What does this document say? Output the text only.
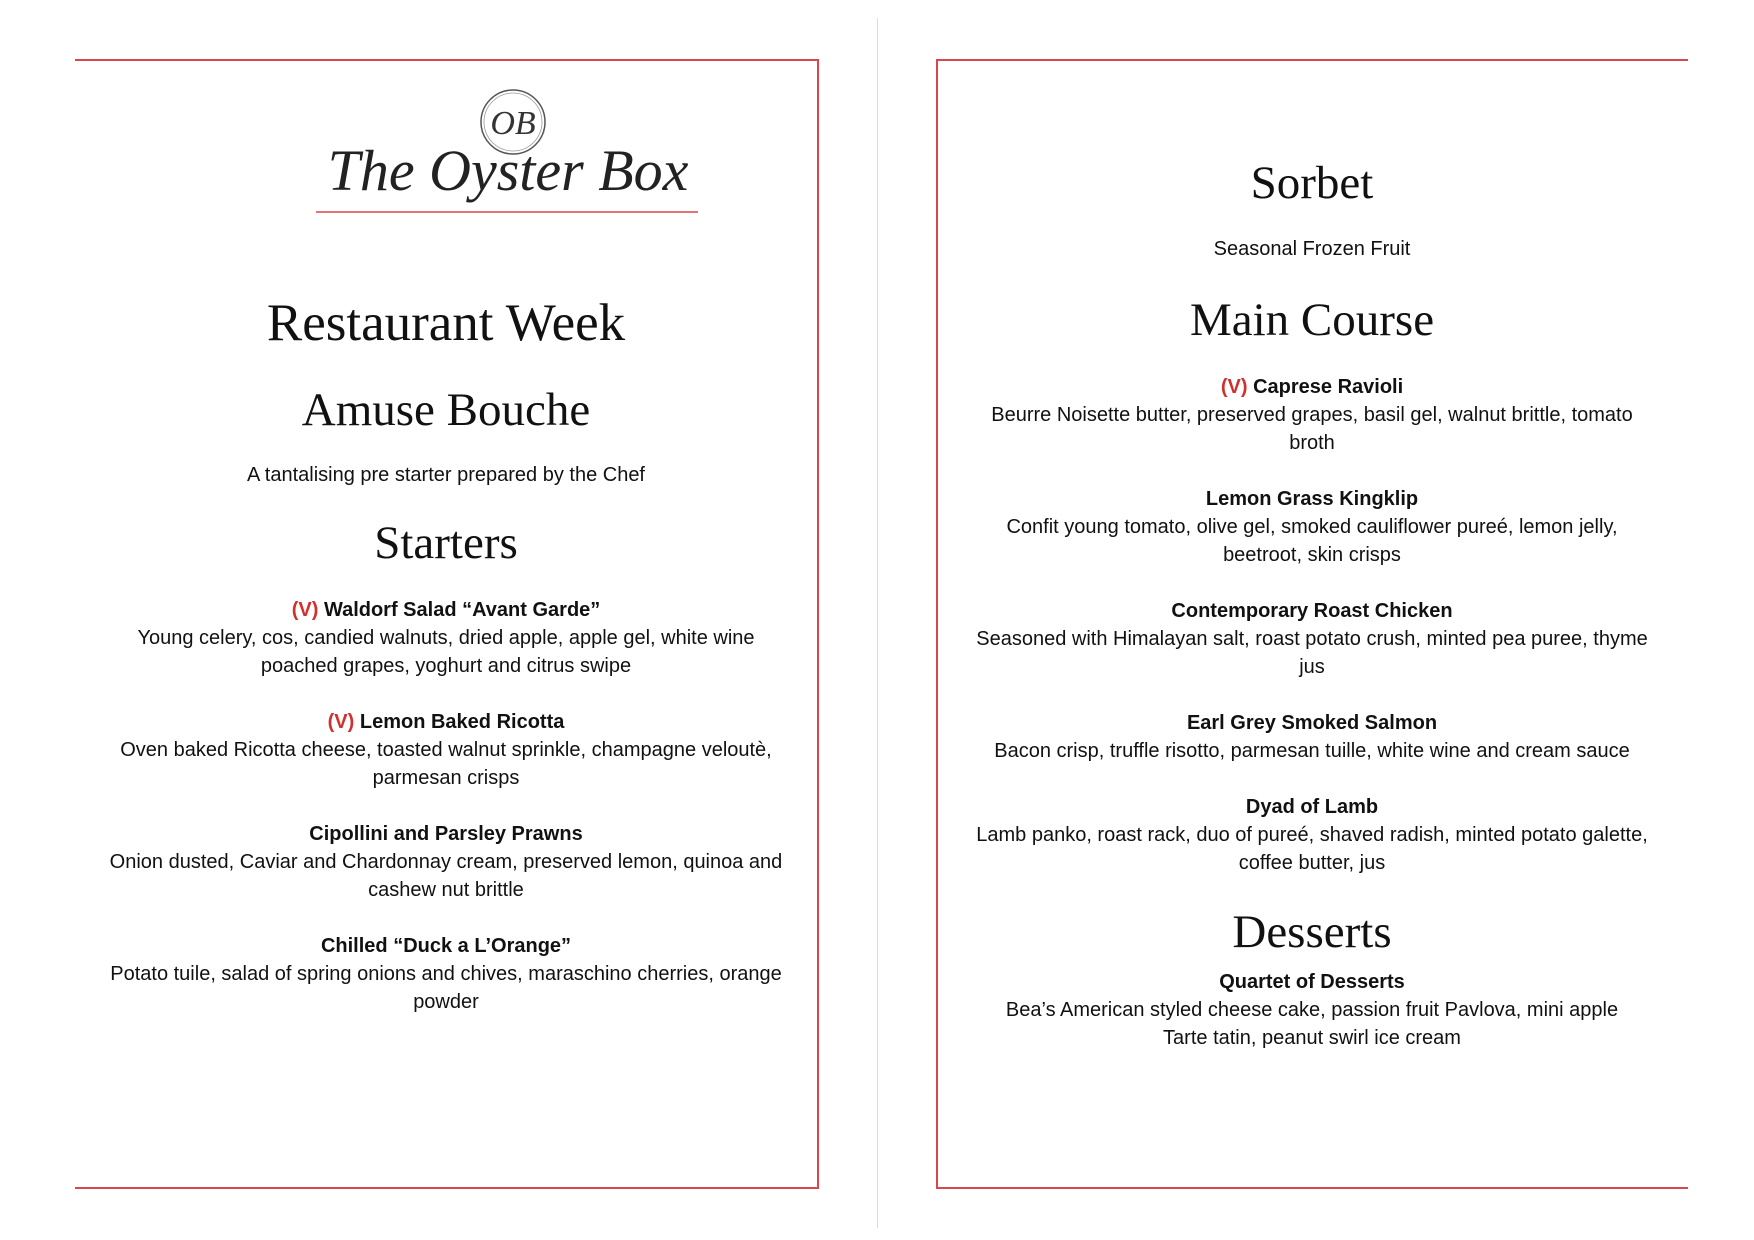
OB
The Oyster Box
Restaurant Week
Amuse Bouche

A tantalising pre starter prepared by the Chef

Starters

(V) Waldorf Salad “Avant Garde”

Young celery, cos, candied walnuts, dried apple, apple gel, white wine

poached grapes, yoghurt and citrus swipe

(V) Lemon Baked Ricotta

Oven baked Ricotta cheese, toasted walnut sprinkle, champagne veloutè,

parmesan crisps

Cipollini and Parsley Prawns

Onion dusted, Caviar and Chardonnay cream, preserved lemon, quinoa and

cashew nut brittle

Chilled “Duck a L’Orange”

Potato tuile, salad of spring onions and chives, maraschino cherries, orange

powder

Sorbet

Seasonal Frozen Fruit

Main Course

(V) Caprese Ravioli

Beurre Noisette butter, preserved grapes, basil gel, walnut brittle, tomato

broth

Lemon Grass Kingklip

Confit young tomato, olive gel, smoked cauliflower pureé, lemon jelly,

beetroot, skin crisps

Contemporary Roast Chicken

Seasoned with Himalayan salt, roast potato crush, minted pea puree, thyme

jus

Earl Grey Smoked Salmon

Bacon crisp, truffle risotto, parmesan tuille, white wine and cream sauce

Dyad of Lamb

Lamb panko, roast rack, duo of pureé, shaved radish, minted potato galette,

coffee butter, jus

Desserts

Quartet of Desserts

Bea’s American styled cheese cake, passion fruit Pavlova, mini apple

Tarte tatin, peanut swirl ice cream
